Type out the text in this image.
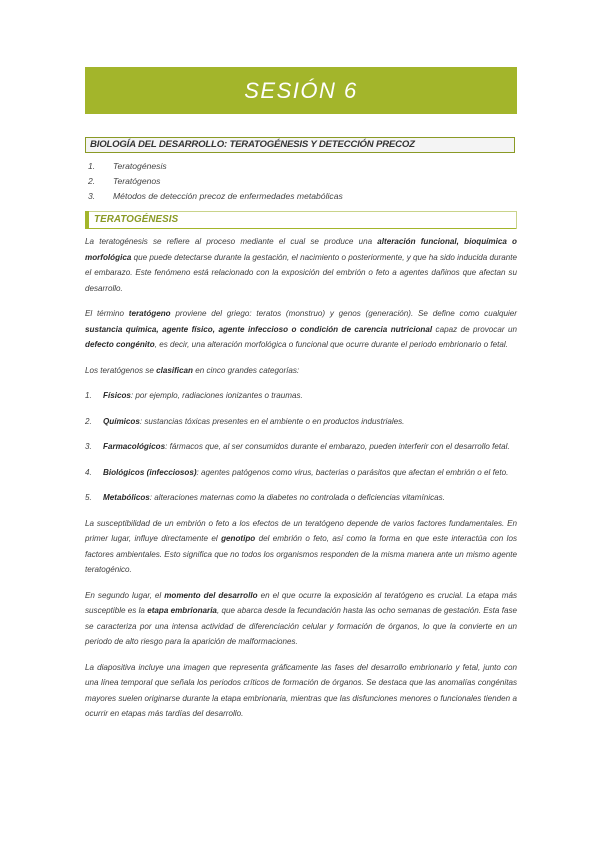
SESIÓN 6
BIOLOGÍA DEL DESARROLLO: TERATOGÉNESIS Y DETECCIÓN PRECOZ
1.	Teratogénesis
2.	Teratógenos
3.	Métodos de detección precoz de enfermedades metabólicas
TERATOGÉNESIS

La teratogénesis se refiere al proceso mediante el cual se produce una alteración funcional, bioquímica o morfológica que puede detectarse durante la gestación, el nacimiento o posteriormente, y que ha sido inducida durante el embarazo. Este fenómeno está relacionado con la exposición del embrión o feto a agentes dañinos que afectan su desarrollo.

El término teratógeno proviene del griego: teratos (monstruo) y genos (generación). Se define como cualquier sustancia química, agente físico, agente infeccioso o condición de carencia nutricional capaz de provocar un defecto congénito, es decir, una alteración morfológica o funcional que ocurre durante el periodo embrionario o fetal.

Los teratógenos se clasifican en cinco grandes categorías:

1.	Físicos: por ejemplo, radiaciones ionizantes o traumas.
2.	Químicos: sustancias tóxicas presentes en el ambiente o en productos industriales.
3.	Farmacológicos: fármacos que, al ser consumidos durante el embarazo, pueden interferir con el desarrollo fetal.
4.	Biológicos (infecciosos): agentes patógenos como virus, bacterias o parásitos que afectan el embrión o el feto.
5.	Metabólicos: alteraciones maternas como la diabetes no controlada o deficiencias vitamínicas.

La susceptibilidad de un embrión o feto a los efectos de un teratógeno depende de varios factores fundamentales. En primer lugar, influye directamente el genotipo del embrión o feto, así como la forma en que este interactúa con los factores ambientales. Esto significa que no todos los organismos responden de la misma manera ante un mismo agente teratogénico.

En segundo lugar, el momento del desarrollo en el que ocurre la exposición al teratógeno es crucial. La etapa más susceptible es la etapa embrionaria, que abarca desde la fecundación hasta las ocho semanas de gestación. Esta fase se caracteriza por una intensa actividad de diferenciación celular y formación de órganos, lo que la convierte en un periodo de alto riesgo para la aparición de malformaciones.

La diapositiva incluye una imagen que representa gráficamente las fases del desarrollo embrionario y fetal, junto con una línea temporal que señala los periodos críticos de formación de órganos. Se destaca que las anomalías congénitas mayores suelen originarse durante la etapa embrionaria, mientras que las disfunciones menores o funcionales tienden a ocurrir en etapas más tardías del desarrollo.
